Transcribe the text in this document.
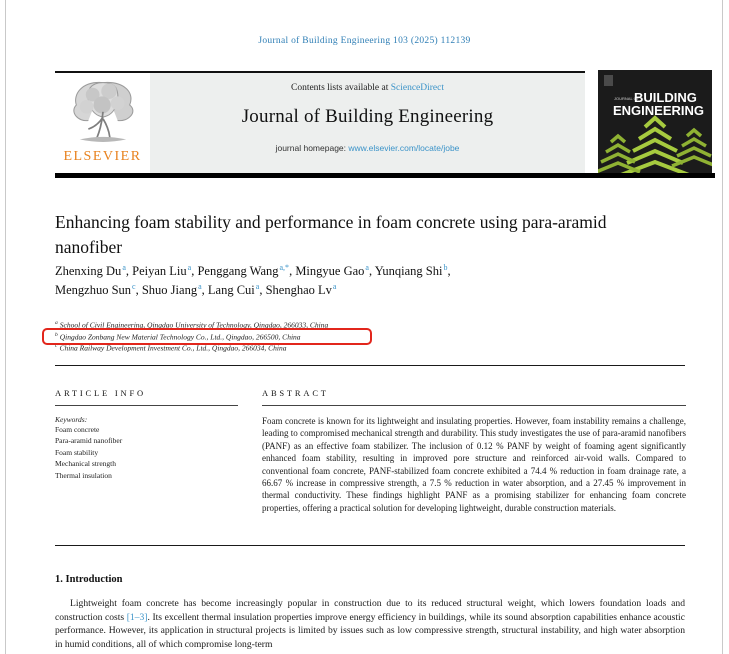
Journal of Building Engineering 103 (2025) 112139
ELSEVIER
Contents lists available at ScienceDirect
Journal of Building Engineering
journal homepage: www.elsevier.com/locate/jobe
JOURNAL OF
BUILDING
ENGINEERING
Enhancing foam stability and performance in foam concrete using para-aramid nanofiber
Zhenxing Du$^a$, Peiyan Liu$^a$, Penggang Wang$^{a,*}$, Mingyue Gao$^a$, Yunqiang Shi$^b$,
Mengzhuo Sun$^c$, Shuo Jiang$^a$, Lang Cui$^a$, Shenghao Lv$^a$
$^a$ School of Civil Engineering, Qingdao University of Technology, Qingdao, 266033, China
$^b$ Qingdao Zonbang New Material Technology Co., Ltd., Qingdao, 266500, China
$^c$ China Railway Development Investment Co., Ltd., Qingdao, 266034, China
ARTICLE INFO
Keywords:
Foam concrete
Para-aramid nanofiber
Foam stability
Mechanical strength
Thermal insulation
ABSTRACT
Foam concrete is known for its lightweight and insulating properties. However, foam instability remains a challenge, leading to compromised mechanical strength and durability. This study investigates the use of para-aramid nanofibers (PANF) as an effective foam stabilizer. The inclusion of 0.12 % PANF by weight of foaming agent significantly enhanced foam stability, resulting in improved pore structure and reinforced air-void walls. Compared to conventional foam concrete, PANF-stabilized foam concrete exhibited a 74.4 % reduction in foam drainage rate, a 66.67 % increase in compressive strength, a 7.5 % reduction in water absorption, and a 27.45 % improvement in thermal conductivity. These findings highlight PANF as a promising stabilizer for enhancing foam concrete properties, offering a practical solution for developing lightweight, durable construction materials.
1. Introduction
Lightweight foam concrete has become increasingly popular in construction due to its reduced structural weight, which lowers foundation loads and construction costs [1–3]. Its excellent thermal insulation properties improve energy efficiency in buildings, while its sound absorption capabilities enhance acoustic performance. However, its application in structural projects is limited by issues such as low compressive strength, structural instability, and high water absorption in humid conditions, all of which compromise long-term
